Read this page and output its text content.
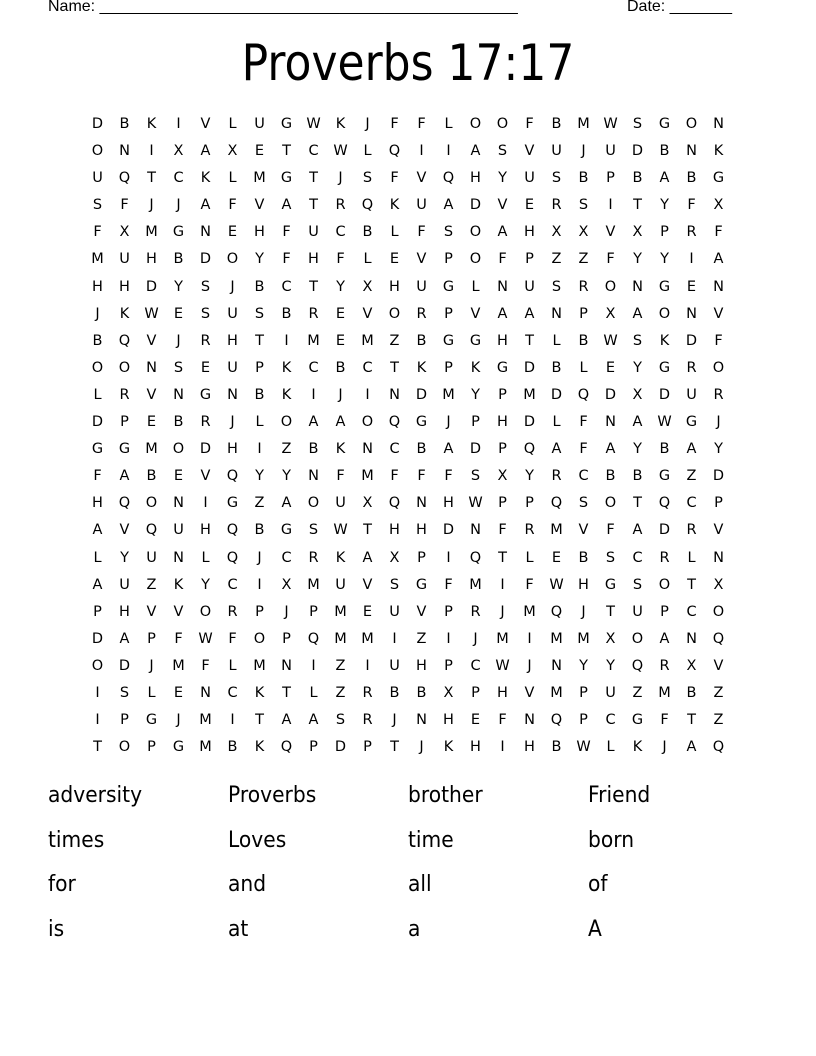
Name: _______________________________________________	Date: _______
Proverbs 17:17
D	B	K	I	V	L	U	G W	K	J	F	F	L	O	O	F	B	M W	S	G	O	N
O	N	I	X	A	X	E	T	C	W	L	Q	I	I	A	S	V	U	J	U	D	B	N	K
U	Q	T	C	K	L	M	G	T	J	S	F	V	Q	H	Y	U	S	B	P	B	A	B	G
S	F	J	J	A	F	V	A	T	R	Q	K	U	A	D	V	E	R	S	I	T	Y	F	X
F	X	M	G	N	E	H	F	U	C	B	L	F	S	O	A	H	X	X	V	X	P	R	F
M	U	H	B	D	O	Y	F	H	F	L	E	V	P	O	F	P	Z	Z	F	Y	Y	I	A
H	H	D	Y	S	J	B	C	T	Y	X	H	U	G	L	N	U	S	R	O	N	G	E	N
J	K	W	E	S	U	S	B	R	E	V	O	R	P	V	A	A	N	P	X	A	O	N	V
B	Q	V	J	R	H	T	I	M	E	M	Z	B	G	G	H	T	L	B	W	S	K	D	F
O	O	N	S	E	U	P	K	C	B	C	T	K	P	K	G	D	B	L	E	Y	G	R	O
L	R	V	N	G	N	B	K	I	J	I	N	D	M	Y	P	M	D	Q	D	X	D	U	R
D	P	E	B	R	J	L	O	A	A	O	Q	G	J	P	H	D	L	F	N	A	W G	J
G	G	M	O	D	H	I	Z	B	K	N	C	B	A	D	P	Q	A	F	A	Y	B	A	Y
F	A	B	E	V	Q	Y	Y	N	F	M	F	F	F	S	X	Y	R	C	B	B	G	Z	D
H	Q	O	N	I	G	Z	A	O	U	X	Q	N	H W	P	P	Q	S	O	T	Q	C	P
A	V	Q	U	H	Q	B	G	S	W	T	H	H	D	N	F	R	M	V	F	A	D	R	V
L	Y	U	N	L	Q	J	C	R	K	A	X	P	I	Q	T	L	E	B	S	C	R	L	N
A	U	Z	K	Y	C	I	X	M	U	V	S	G	F	M	I	F	W H	G	S	O	T	X
P	H	V	V	O	R	P	J	P	M	E	U	V	P	R	J	M	Q	J	T	U	P	C	O
D	A	P	F	W	F	O	P	Q	M M	I	Z	I	J	M	I	M M	X	O	A	N	Q
O	D	J	M	F	L	M	N	I	Z	I	U	H	P	C	W	J	N	Y	Y	Q	R	X	V
I	S	L	E	N	C	K	T	L	Z	R	B	B	X	P	H	V	M	P	U	Z	M	B	Z
I	P	G	J	M	I	T	A	A	S	R	J	N	H	E	F	N	Q	P	C	G	F	T	Z
T	O	P	G	M	B	K	Q	P	D	P	T	J	K	H	I	H	B	W	L	K	J	A	Q
adversity	Proverbs	brother	Friend
times	Loves	time	born
for	and	all	of
is	at	a	A
